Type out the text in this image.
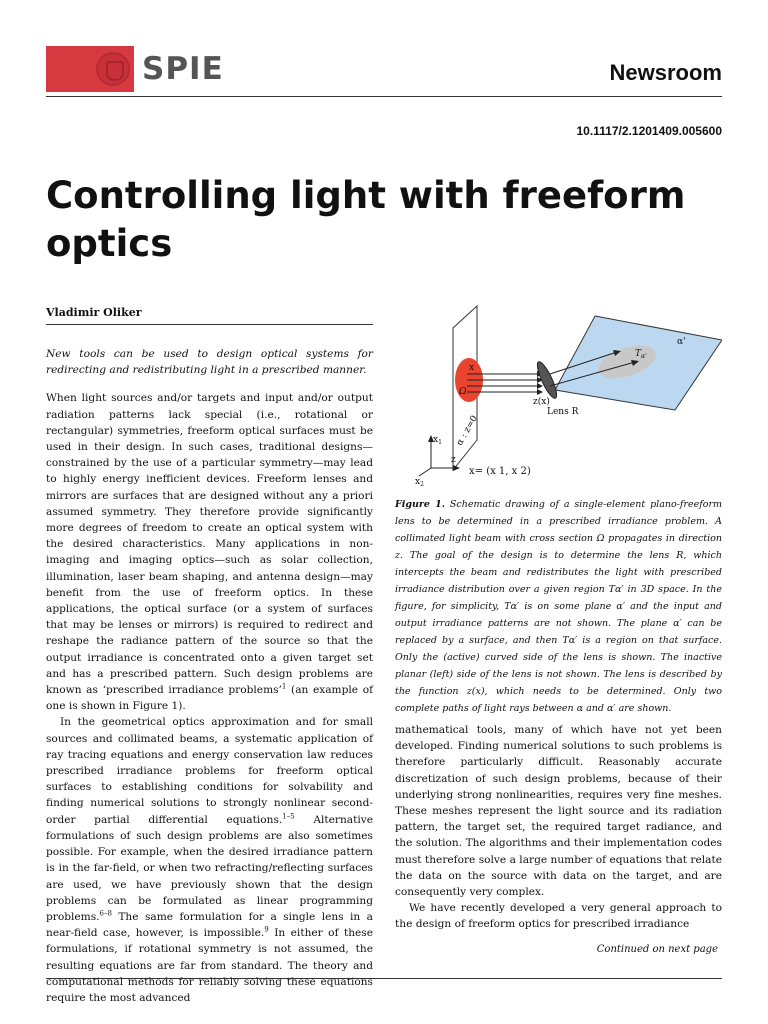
SPIE	Newsroom
10.1117/2.1201409.005600
Controlling light with freeform optics
Vladimir Oliker

New tools can be used to design optical systems for redirecting and redistributing light in a prescribed manner.

When light sources and/or targets and input and/or output radiation patterns lack special (i.e., rotational or rectangular) symmetries, freeform optical surfaces must be used in their design. In such cases, traditional designs—constrained by the use of a particular symmetry—may lead to highly energy inefficient devices. Freeform lenses and mirrors are surfaces that are designed without any a priori assumed symmetry. They therefore provide significantly more degrees of freedom to create an optical system with the desired characteristics. Many applications in non-imaging and imaging optics—such as solar collection, illumination, laser beam shaping, and antenna design—may benefit from the use of freeform optics. In these applications, the optical surface (or a system of surfaces that may be lenses or mirrors) is required to redirect and reshape the radiance pattern of the source so that the output irradiance is concentrated onto a given target set and has a prescribed pattern. Such design problems are known as ‘prescribed irradiance problems’$^1$ (an example of one is shown in Figure 1).

In the geometrical optics approximation and for small sources and collimated beams, a systematic application of ray tracing equations and energy conservation law reduces prescribed irradiance problems for freeform optical surfaces to establishing conditions for solvability and finding numerical solutions to strongly nonlinear second-order partial differential equations.$^{1-5}$ Alternative formulations of such design problems are also sometimes possible. For example, when the desired irradiance pattern is in the far-field, or when two refracting/reflecting surfaces are used, we have previously shown that the design problems can be formulated as linear programming problems.$^{6-8}$ The same formulation for a single lens in a near-field case, however, is impossible.$^9$ In either of these formulations, if rotational symmetry is not assumed, the resulting equations are far from standard. The theory and computational methods for reliably solving these equations require the most advanced

x
Ω
α : z=0
z(x)
Lens R
$x_1$
$x_2$
z
x= (x 1, x 2)
$T_{\alpha'}$
α'
Figure 1. Schematic drawing of a single-element plano-freeform lens to be determined in a prescribed irradiance problem. A collimated light beam with cross section Ω propagates in direction z. The goal of the design is to determine the lens R, which intercepts the beam and redistributes the light with prescribed irradiance distribution over a given region Tα′ in 3D space. In the figure, for simplicity, Tα′ is on some plane α′ and the input and output irradiance patterns are not shown. The plane α′ can be replaced by a surface, and then Tα′ is a region on that surface. Only the (active) curved side of the lens is shown. The inactive planar (left) side of the lens is not shown. The lens is described by the function z(x), which needs to be determined. Only two complete paths of light rays between α and α′ are shown.

mathematical tools, many of which have not yet been developed. Finding numerical solutions to such problems is therefore particularly difficult. Reasonably accurate discretization of such design problems, because of their underlying strong nonlinearities, requires very fine meshes. These meshes represent the light source and its radiation pattern, the target set, the required target radiance, and the solution. The algorithms and their implementation codes must therefore solve a large number of equations that relate the data on the source with data on the target, and are consequently very complex.

We have recently developed a very general approach to the design of freeform optics for prescribed irradiance

Continued on next page
